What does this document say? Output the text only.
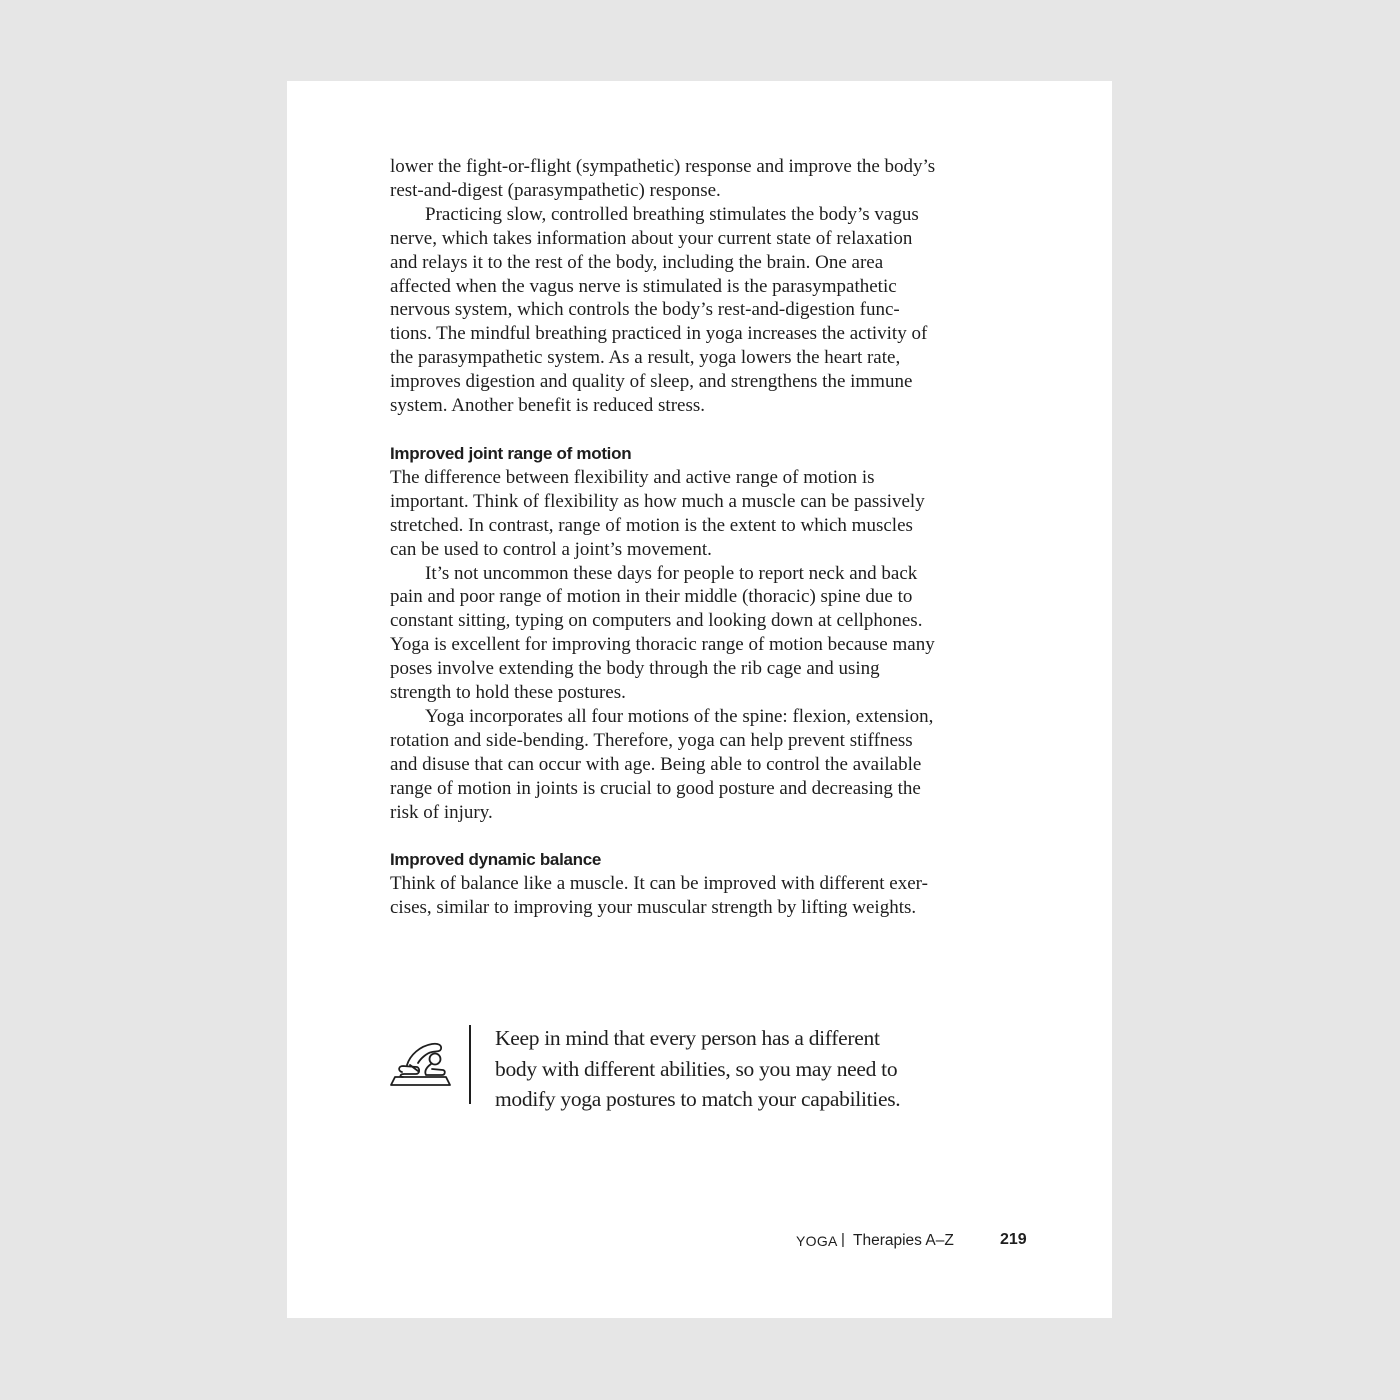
lower the fight-or-flight (sympathetic) response and improve the body’s
rest-and-digest (parasympathetic) response.
Practicing slow, controlled breathing stimulates the body’s vagus
nerve, which takes information about your current state of relaxation
and relays it to the rest of the body, including the brain. One area
affected when the vagus nerve is stimulated is the parasympathetic
nervous system, which controls the body’s rest-and-digestion func-
tions. The mindful breathing practiced in yoga increases the activity of
the parasympathetic system. As a result, yoga lowers the heart rate,
improves digestion and quality of sleep, and strengthens the immune
system. Another benefit is reduced stress.
Improved joint range of motion
The difference between flexibility and active range of motion is
important. Think of flexibility as how much a muscle can be passively
stretched. In contrast, range of motion is the extent to which muscles
can be used to control a joint’s movement.
It’s not uncommon these days for people to report neck and back
pain and poor range of motion in their middle (thoracic) spine due to
constant sitting, typing on computers and looking down at cellphones.
Yoga is excellent for improving thoracic range of motion because many
poses involve extending the body through the rib cage and using
strength to hold these postures.
Yoga incorporates all four motions of the spine: flexion, extension,
rotation and side-bending. Therefore, yoga can help prevent stiffness
and disuse that can occur with age. Being able to control the available
range of motion in joints is crucial to good posture and decreasing the
risk of injury.
Improved dynamic balance
Think of balance like a muscle. It can be improved with different exer-
cises, similar to improving your muscular strength by lifting weights.
Keep in mind that every person has a different
body with different abilities, so you may need to
modify yoga postures to match your capabilities.
YOGA | Therapies A–Z	219
